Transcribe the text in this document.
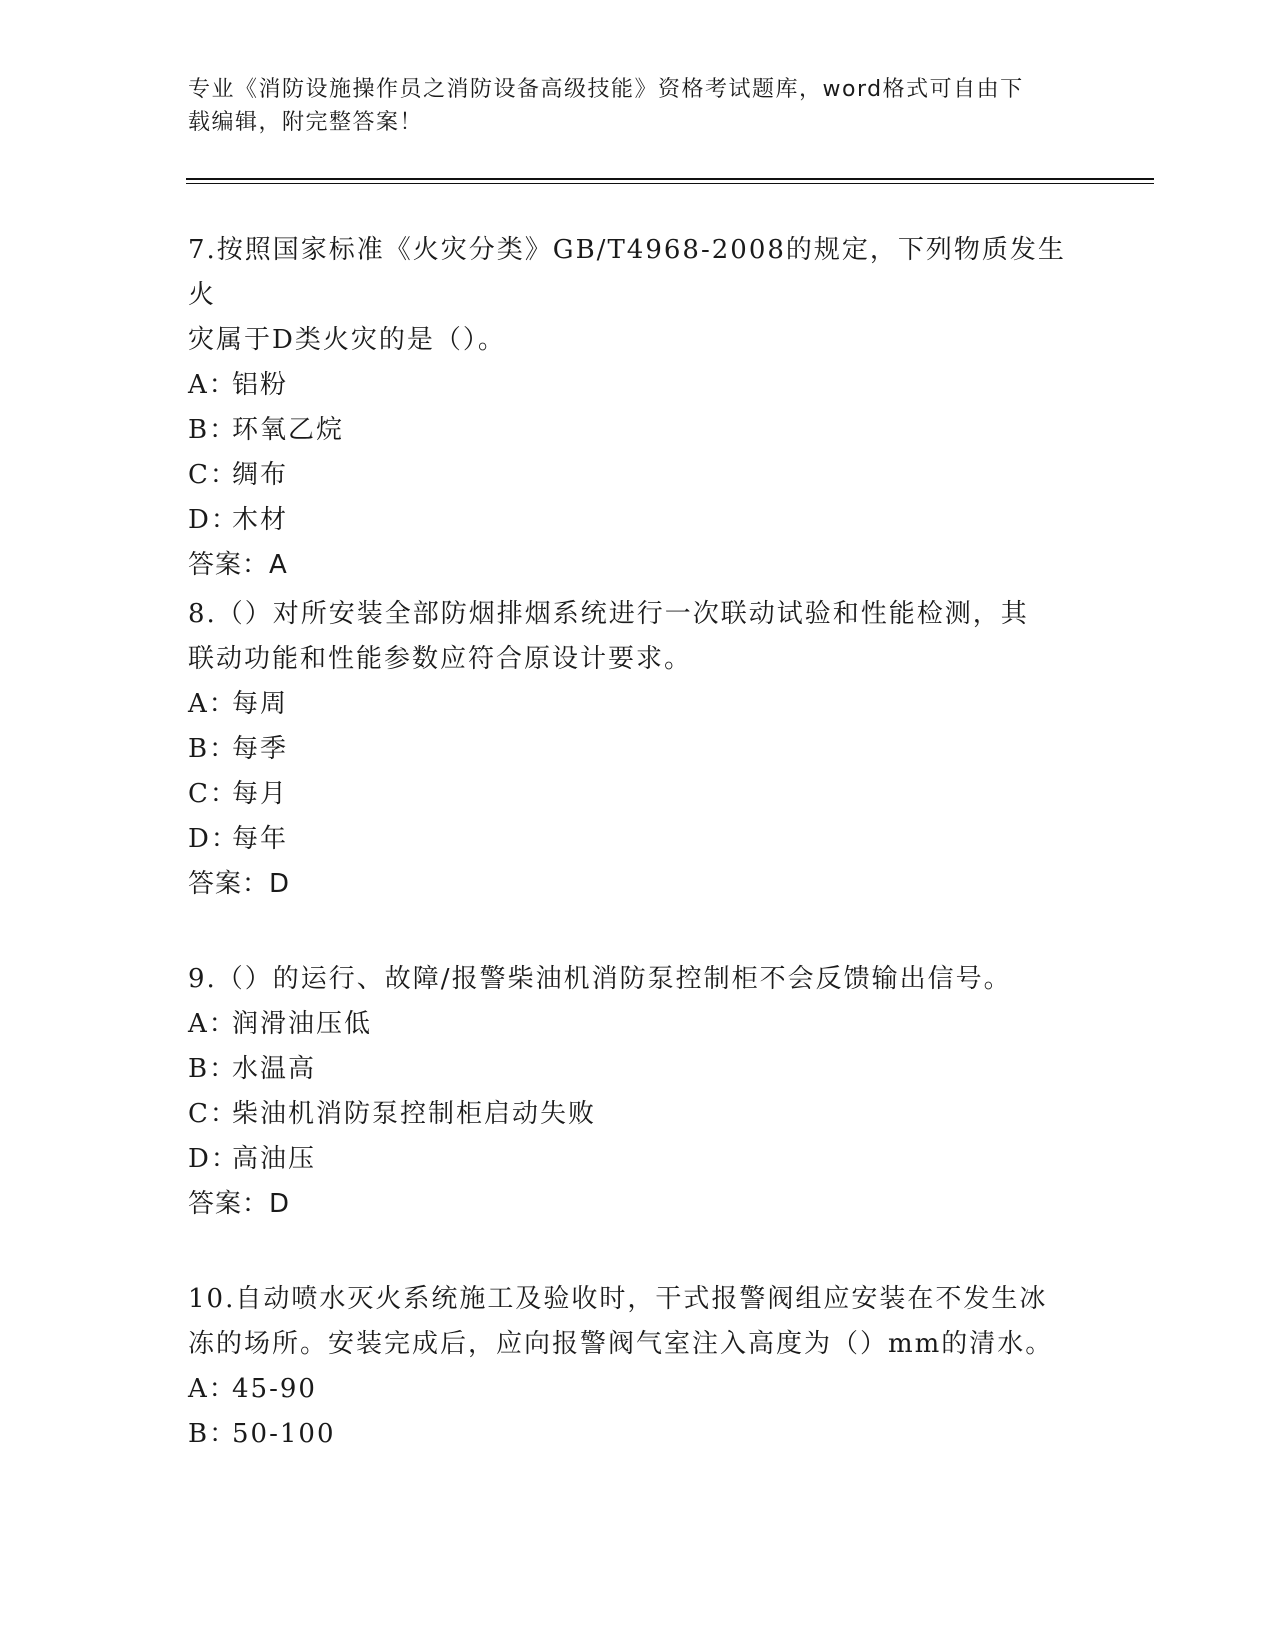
专业《消防设施操作员之消防设备高级技能》资格考试题库，word格式可自由下

载编辑，附完整答案！

7.按照国家标准《火灾分类》GB/T4968-2008的规定，下列物质发生火
灾属于D类火灾的是（）。

A：铝粉

B：环氧乙烷

C：绸布

D：木材

答案：A

8.（）对所安装全部防烟排烟系统进行一次联动试验和性能检测，其
联动功能和性能参数应符合原设计要求。

A：每周

B：每季

C：每月

D：每年

答案：D

9.（）的运行、故障/报警柴油机消防泵控制柜不会反馈输出信号。

A：润滑油压低

B：水温高

C：柴油机消防泵控制柜启动失败

D：高油压

答案：D

10.自动喷水灭火系统施工及验收时，干式报警阀组应安装在不发生冰
冻的场所。安装完成后，应向报警阀气室注入高度为（）mm的清水。

A：45-90

B：50-100
